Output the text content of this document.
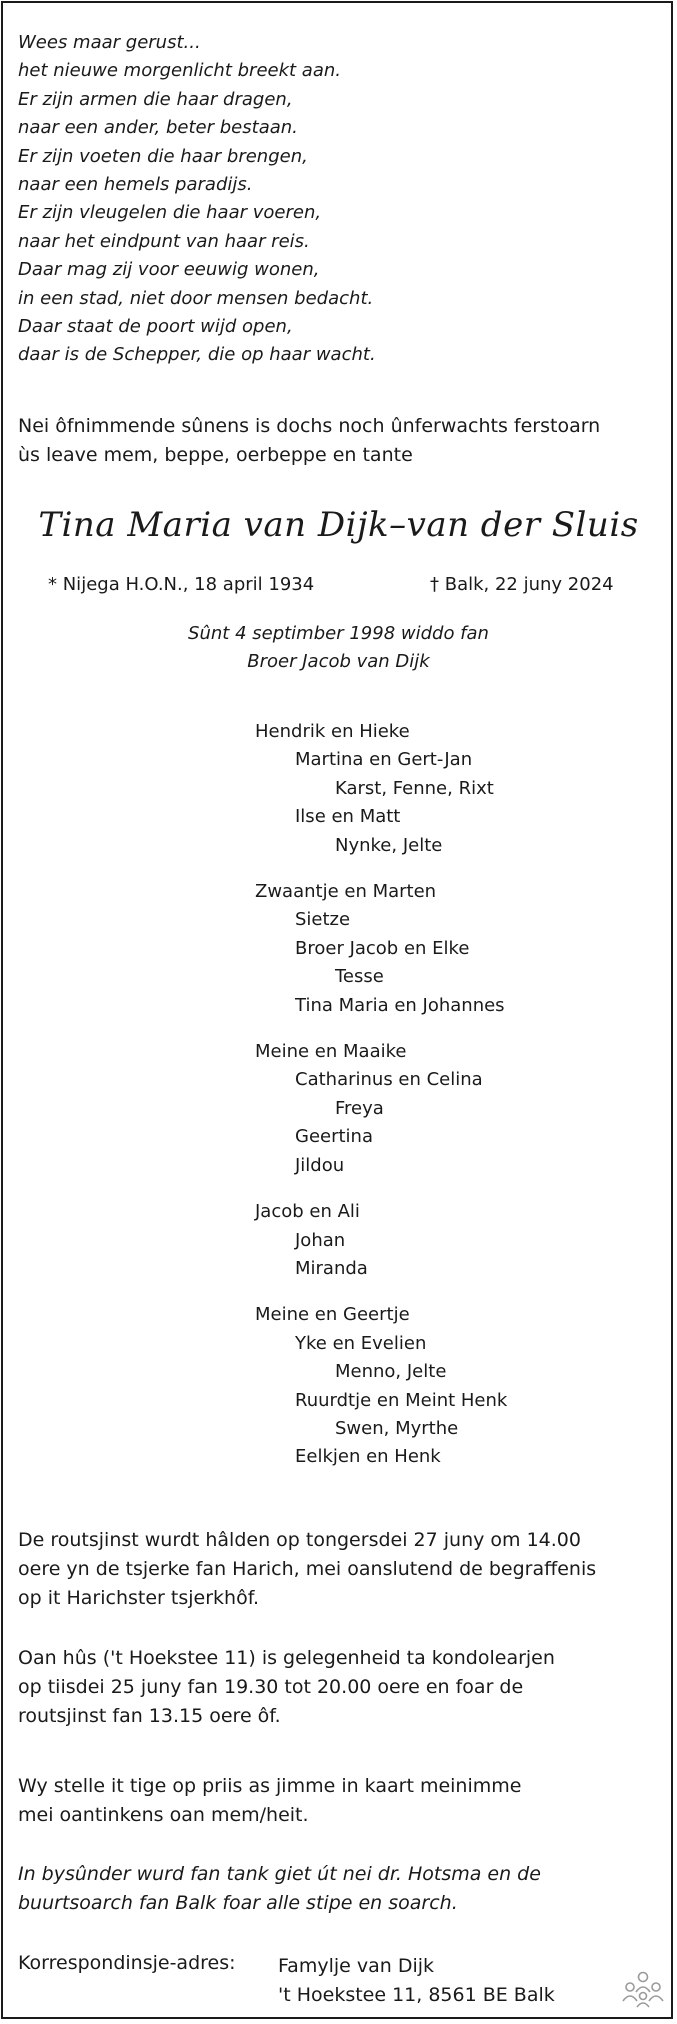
Wees maar gerust...
het nieuwe morgenlicht breekt aan.
Er zijn armen die haar dragen,
naar een ander, beter bestaan.
Er zijn voeten die haar brengen,
naar een hemels paradijs.
Er zijn vleugelen die haar voeren,
naar het eindpunt van haar reis.
Daar mag zij voor eeuwig wonen,
in een stad, niet door mensen bedacht.
Daar staat de poort wijd open,
daar is de Schepper, die op haar wacht.
Nei ôfnimmende sûnens is dochs noch ûnferwachts ferstoarn
ùs leave mem, beppe, oerbeppe en tante
Tina Maria van Dijk–van der Sluis
* Nijega H.O.N., 18 april 1934	† Balk, 22 juny 2024
Sûnt 4 septimber 1998 widdo fan
Broer Jacob van Dijk
Hendrik en Hieke
Martina en Gert-Jan
Karst, Fenne, Rixt
Ilse en Matt
Nynke, Jelte
Zwaantje en Marten
Sietze
Broer Jacob en Elke
Tesse
Tina Maria en Johannes
Meine en Maaike
Catharinus en Celina
Freya
Geertina
Jildou
Jacob en Ali
Johan
Miranda
Meine en Geertje
Yke en Evelien
Menno, Jelte
Ruurdtje en Meint Henk
Swen, Myrthe
Eelkjen en Henk
De routsjinst wurdt hâlden op tongersdei 27 juny om 14.00
oere yn de tsjerke fan Harich, mei oanslutend de begraffenis
op it Harichster tsjerkhôf.
Oan hûs ('t Hoekstee 11) is gelegenheid ta kondolearjen
op tiisdei 25 juny fan 19.30 tot 20.00 oere en foar de
routsjinst fan 13.15 oere ôf.
Wy stelle it tige op priis as jimme in kaart meinimme
mei oantinkens oan mem/heit.
In bysûnder wurd fan tank giet út nei dr. Hotsma en de
buurtsoarch fan Balk foar alle stipe en soarch.
Korrespondinsje-adres: Famylje van Dijk
't Hoekstee 11, 8561 BE Balk
